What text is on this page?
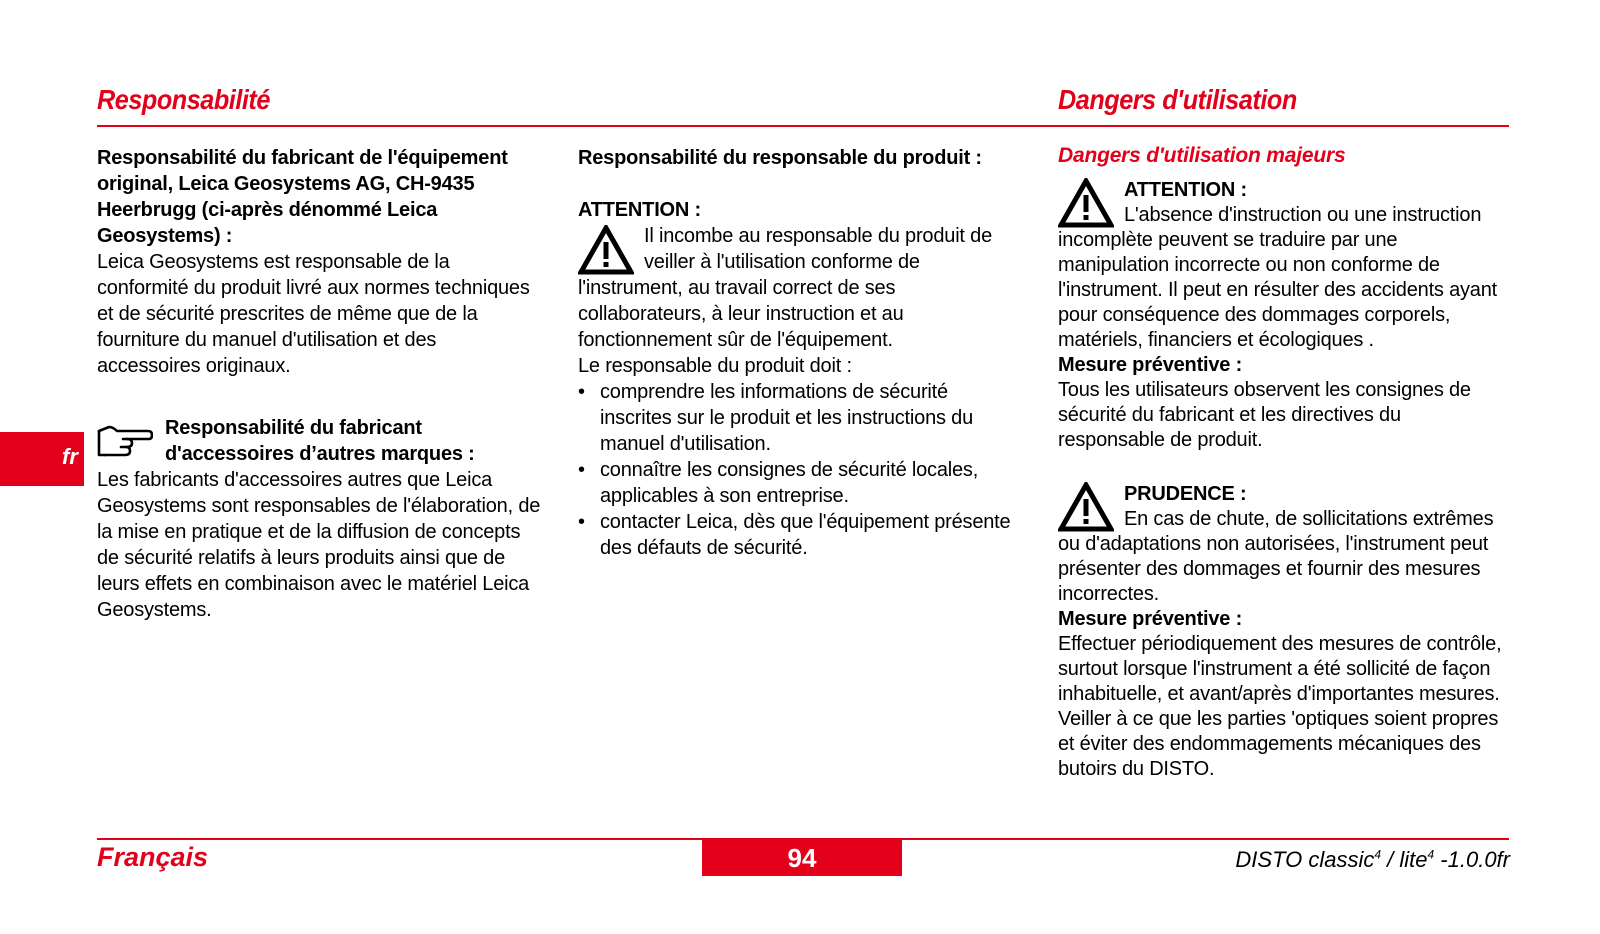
Responsabilité	Dangers d'utilisation
fr

Responsabilité du fabricant de l'équipement

original, Leica Geosystems AG, CH-9435

Heerbrugg (ci-après dénommé Leica

Geosystems) :

Leica Geosystems est responsable de la

conformité du produit livré aux normes techniques

et de sécurité prescrites de même que de la

fourniture du manuel d'utilisation et des

accessoires originaux.

Responsabilité du fabricant

d'accessoires d’autres marques :

Les fabricants d'accessoires autres que Leica

Geosystems sont responsables de l'élaboration, de

la mise en pratique et de la diffusion de concepts

de sécurité relatifs à leurs produits ainsi que de

leurs effets en combinaison avec le matériel Leica

Geosystems.

Responsabilité du responsable du produit :

ATTENTION :

Il incombe au responsable du produit de

veiller à l'utilisation conforme de

l'instrument, au travail correct de ses

collaborateurs, à leur instruction et au

fonctionnement sûr de l'équipement.

Le responsable du produit doit :

• comprendre les informations de sécurité

inscrites sur le produit et les instructions du

manuel d'utilisation.

• connaître les consignes de sécurité locales,

applicables à son entreprise.

• contacter Leica, dès que l'équipement présente

des défauts de sécurité.

Dangers d'utilisation majeurs

ATTENTION :

L'absence d'instruction ou une instruction

incomplète peuvent se traduire par une

manipulation incorrecte ou non conforme de

l'instrument. Il peut en résulter des accidents ayant

pour conséquence des dommages corporels,

matériels, financiers et écologiques .

Mesure préventive :

Tous les utilisateurs observent les consignes de

sécurité du fabricant et les directives du

responsable de produit.

PRUDENCE :

En cas de chute, de sollicitations extrêmes

ou d'adaptations non autorisées, l'instrument peut

présenter des dommages et fournir des mesures

incorrectes.

Mesure préventive :

Effectuer périodiquement des mesures de contrôle,

surtout lorsque l'instrument a été sollicité de façon

inhabituelle, et avant/après d'importantes mesures.

Veiller à ce que les parties 'optiques soient propres

et éviter des endommagements mécaniques des

butoirs du DISTO.

Français	94	DISTO classic$^4$ / lite$^4$ -1.0.0fr
